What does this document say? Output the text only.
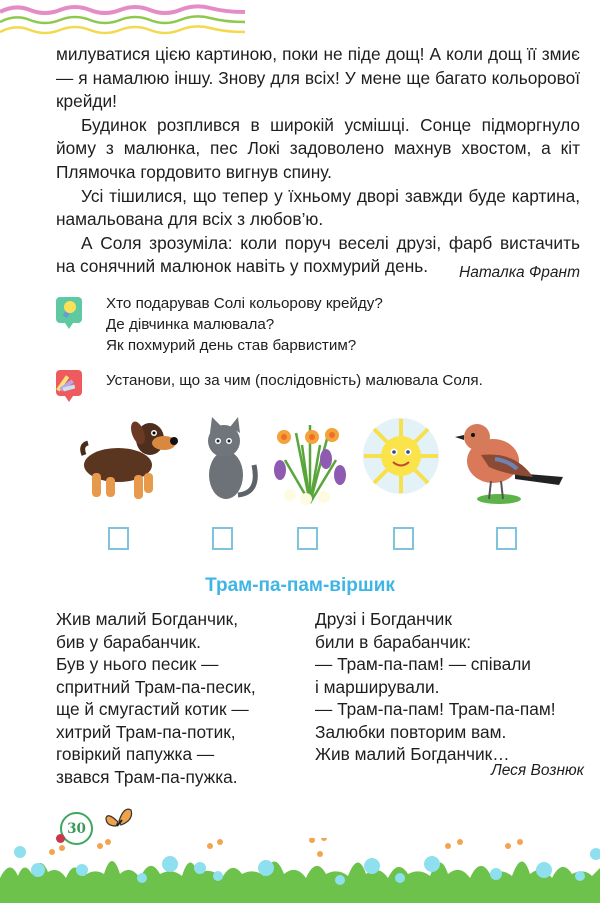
милуватися цією картиною, поки не піде дощ! А коли дощ її змиє — я намалюю іншу. Знову для всіх! У мене ще багато кольорової крейди!

Будинок розплився в широкій усмішці. Сонце підморгнуло йому з малюнка, пес Локі задоволено махнув хвостом, а кіт Плямочка гордовито вигнув спину.

Усі тішилися, що тепер у їхньому дворі завжди буде картина, намальована для всіх з любов’ю.

А Соля зрозуміла: коли поруч веселі друзі, фарб вистачить на сонячний малюнок навіть у похмурий день.	Наталка Франт
Хто подарував Солі кольорову крейду?
Де дівчинка малювала?
Як похмурий день став барвистим?
Установи, що за чим (послідовність) малювала Соля.
Трам-па-пам-віршик
Жив малий Богданчик,
бив у барабанчик.
Був у нього песик —
спритний Трам-па-песик,
ще й смугастий котик —
хитрий Трам-па-потик,
говіркий папужка —
звався Трам-па-пужка.
Друзі і Богданчик
били в барабанчик:
— Трам-па-пам! — співали
і марширували.
— Трам-па-пам! Трам-па-пам!
Залюбки повторим вам.
Жив малий Богданчик…
Леся Вознюк
30
